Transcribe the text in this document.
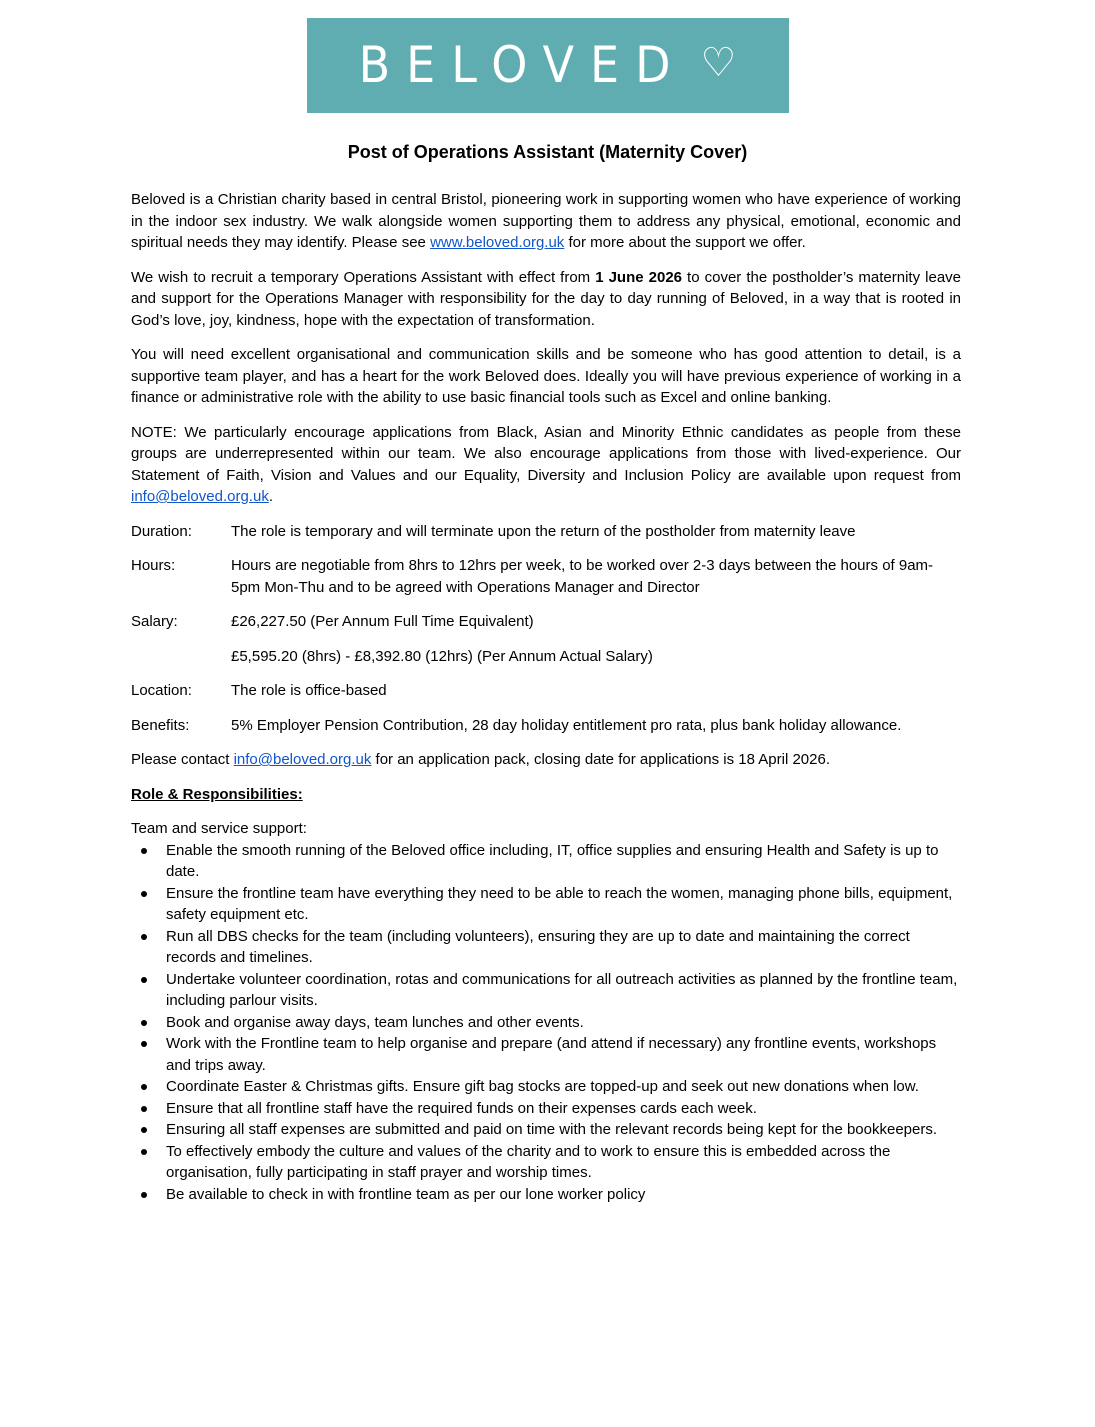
BELOVED ♡
Post of Operations Assistant (Maternity Cover)

Beloved is a Christian charity based in central Bristol, pioneering work in supporting women who have experience of working in the indoor sex industry. We walk alongside women supporting them to address any physical, emotional, economic and spiritual needs they may identify. Please see www.beloved.org.uk for more about the support we offer.

We wish to recruit a temporary Operations Assistant with effect from 1 June 2026 to cover the postholder’s maternity leave and support for the Operations Manager with responsibility for the day to day running of Beloved, in a way that is rooted in God’s love, joy, kindness, hope with the expectation of transformation.

You will need excellent organisational and communication skills and be someone who has good attention to detail, is a supportive team player, and has a heart for the work Beloved does. Ideally you will have previous experience of working in a finance or administrative role with the ability to use basic financial tools such as Excel and online banking.

NOTE: We particularly encourage applications from Black, Asian and Minority Ethnic candidates as people from these groups are underrepresented within our team. We also encourage applications from those with lived-experience. Our Statement of Faith, Vision and Values and our Equality, Diversity and Inclusion Policy are available upon request from info@beloved.org.uk.

Duration:	The role is temporary and will terminate upon the return of the postholder from maternity leave
Hours:	Hours are negotiable from 8hrs to 12hrs per week, to be worked over 2-3 days between the hours of 9am-5pm Mon-Thu and to be agreed with Operations Manager and Director
Salary:	£26,227.50 (Per Annum Full Time Equivalent)
£5,595.20 (8hrs) - £8,392.80 (12hrs) (Per Annum Actual Salary)
Location:	The role is office-based
Benefits:	5% Employer Pension Contribution, 28 day holiday entitlement pro rata, plus bank holiday allowance.

Please contact info@beloved.org.uk for an application pack, closing date for applications is 18 April 2026.

Role & Responsibilities:

Team and service support:

Enable the smooth running of the Beloved office including, IT, office supplies and ensuring Health and Safety is up to date.
Ensure the frontline team have everything they need to be able to reach the women, managing phone bills, equipment, safety equipment etc.
Run all DBS checks for the team (including volunteers), ensuring they are up to date and maintaining the correct records and timelines.
Undertake volunteer coordination, rotas and communications for all outreach activities as planned by the frontline team, including parlour visits.
Book and organise away days, team lunches and other events.
Work with the Frontline team to help organise and prepare (and attend if necessary) any frontline events, workshops and trips away.
Coordinate Easter & Christmas gifts. Ensure gift bag stocks are topped-up and seek out new donations when low.
Ensure that all frontline staff have the required funds on their expenses cards each week.
Ensuring all staff expenses are submitted and paid on time with the relevant records being kept for the bookkeepers.
To effectively embody the culture and values of the charity and to work to ensure this is embedded across the organisation, fully participating in staff prayer and worship times.
Be available to check in with frontline team as per our lone worker policy
